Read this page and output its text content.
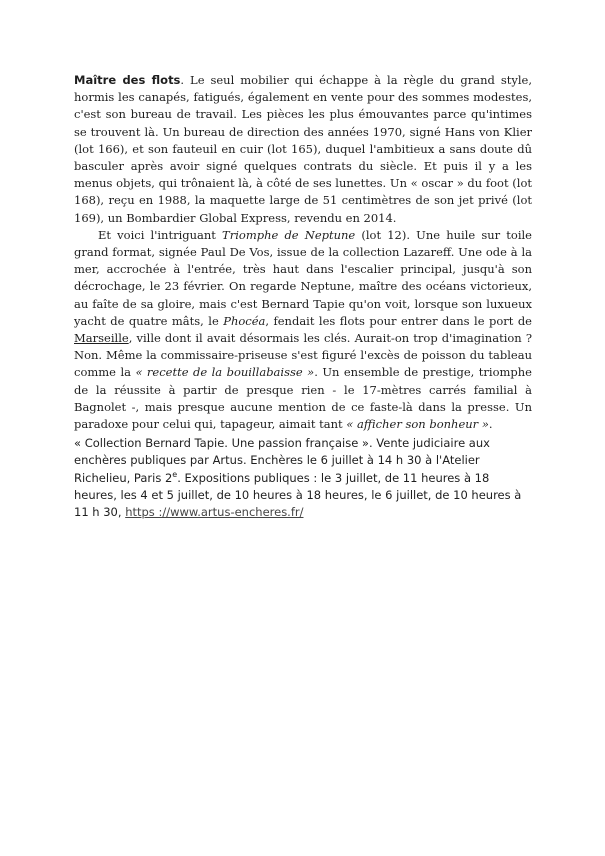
Maître des flots. Le seul mobilier qui échappe à la règle du grand style, hormis les canapés, fatigués, également en vente pour des sommes modestes, c'est son bureau de travail. Les pièces les plus émouvantes parce qu'intimes se trouvent là. Un bureau de direction des années 1970, signé Hans von Klier (lot 166), et son fauteuil en cuir (lot 165), duquel l'ambitieux a sans doute dû basculer après avoir signé quelques contrats du siècle. Et puis il y a les menus objets, qui trônaient là, à côté de ses lunettes. Un « oscar » du foot (lot 168), reçu en 1988, la maquette large de 51 centimètres de son jet privé (lot 169), un Bombardier Global Express, revendu en 2014.

Et voici l'intriguant Triomphe de Neptune (lot 12). Une huile sur toile grand format, signée Paul De Vos, issue de la collection Lazareff. Une ode à la mer, accrochée à l'entrée, très haut dans l'escalier principal, jusqu'à son décrochage, le 23 février. On regarde Neptune, maître des océans victorieux, au faîte de sa gloire, mais c'est Bernard Tapie qu'on voit, lorsque son luxueux yacht de quatre mâts, le Phocéa, fendait les flots pour entrer dans le port de Marseille, ville dont il avait désormais les clés. Aurait-on trop d'imagination ? Non. Même la commissaire-priseuse s'est figuré l'excès de poisson du tableau comme la « recette de la bouillabaisse ». Un ensemble de prestige, triomphe de la réussite à partir de presque rien - le 17-mètres carrés familial à Bagnolet -, mais presque aucune mention de ce faste-là dans la presse. Un paradoxe pour celui qui, tapageur, aimait tant « afficher son bonheur ».

« Collection Bernard Tapie. Une passion française ». Vente judiciaire aux enchères publiques par Artus. Enchères le 6 juillet à 14 h 30 à l'Atelier Richelieu, Paris 2e. Expositions publiques : le 3 juillet, de 11 heures à 18 heures, les 4 et 5 juillet, de 10 heures à 18 heures, le 6 juillet, de 10 heures à 11 h 30, https ://www.artus-encheres.fr/
